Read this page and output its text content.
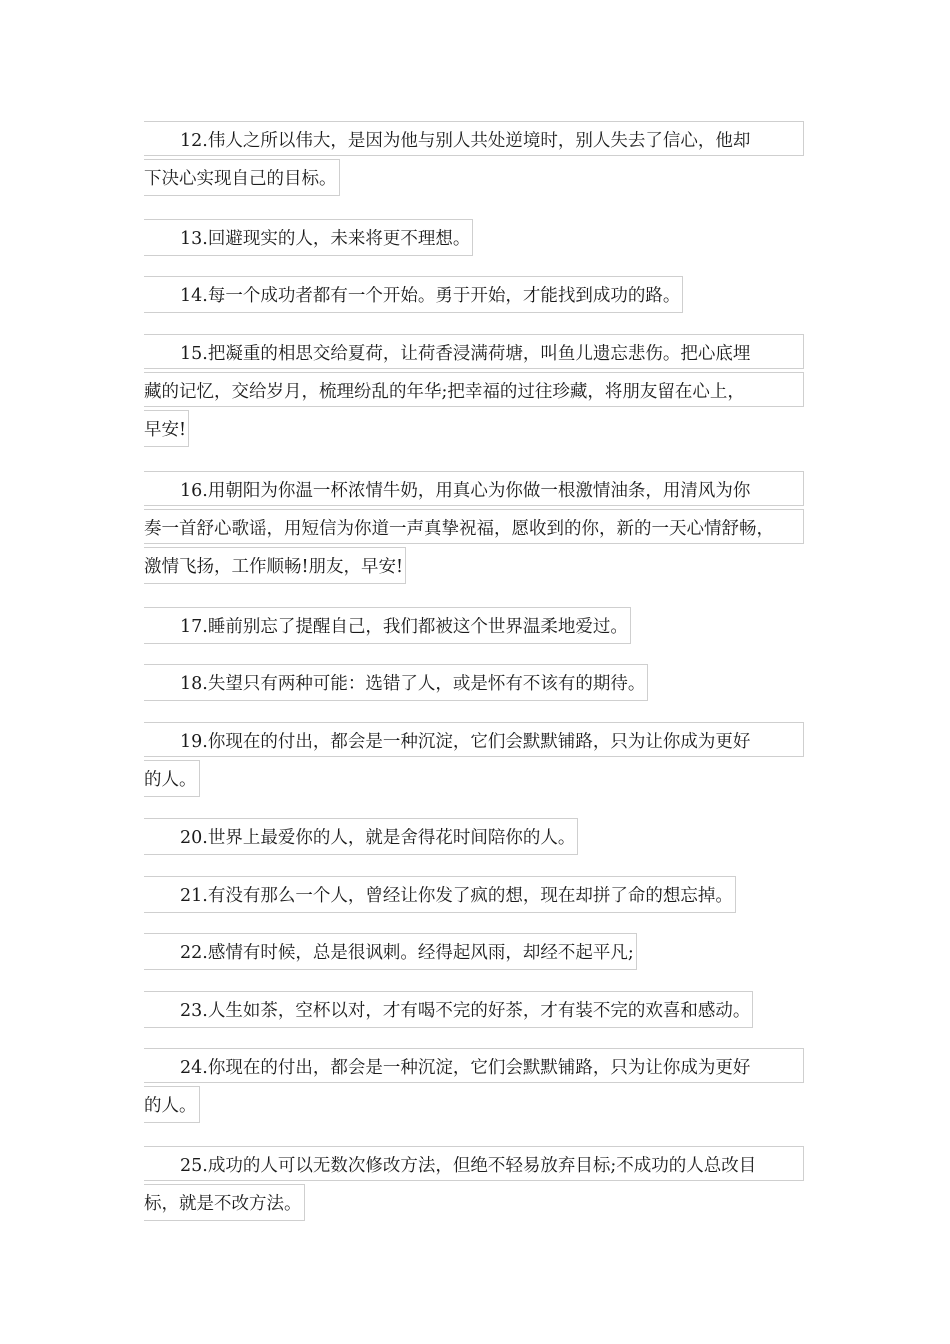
12.伟人之所以伟大，是因为他与别人共处逆境时，别人失去了信心，他却
下决心实现自己的目标。
13.回避现实的人，未来将更不理想。
14.每一个成功者都有一个开始。勇于开始，才能找到成功的路。
15.把凝重的相思交给夏荷，让荷香浸满荷塘，叫鱼儿遗忘悲伤。把心底埋
藏的记忆，交给岁月，梳理纷乱的年华;把幸福的过往珍藏，将朋友留在心上，
早安!
16.用朝阳为你温一杯浓情牛奶，用真心为你做一根激情油条，用清风为你
奏一首舒心歌谣，用短信为你道一声真挚祝福，愿收到的你，新的一天心情舒畅，
激情飞扬，工作顺畅!朋友，早安!
17.睡前别忘了提醒自己，我们都被这个世界温柔地爱过。
18.失望只有两种可能：选错了人，或是怀有不该有的期待。
19.你现在的付出，都会是一种沉淀，它们会默默铺路，只为让你成为更好
的人。
20.世界上最爱你的人，就是舍得花时间陪你的人。
21.有没有那么一个人，曾经让你发了疯的想，现在却拼了命的想忘掉。
22.感情有时候，总是很讽刺。经得起风雨，却经不起平凡;
23.人生如茶，空杯以对，才有喝不完的好茶，才有装不完的欢喜和感动。
24.你现在的付出，都会是一种沉淀，它们会默默铺路，只为让你成为更好
的人。
25.成功的人可以无数次修改方法，但绝不轻易放弃目标;不成功的人总改目
标，就是不改方法。
